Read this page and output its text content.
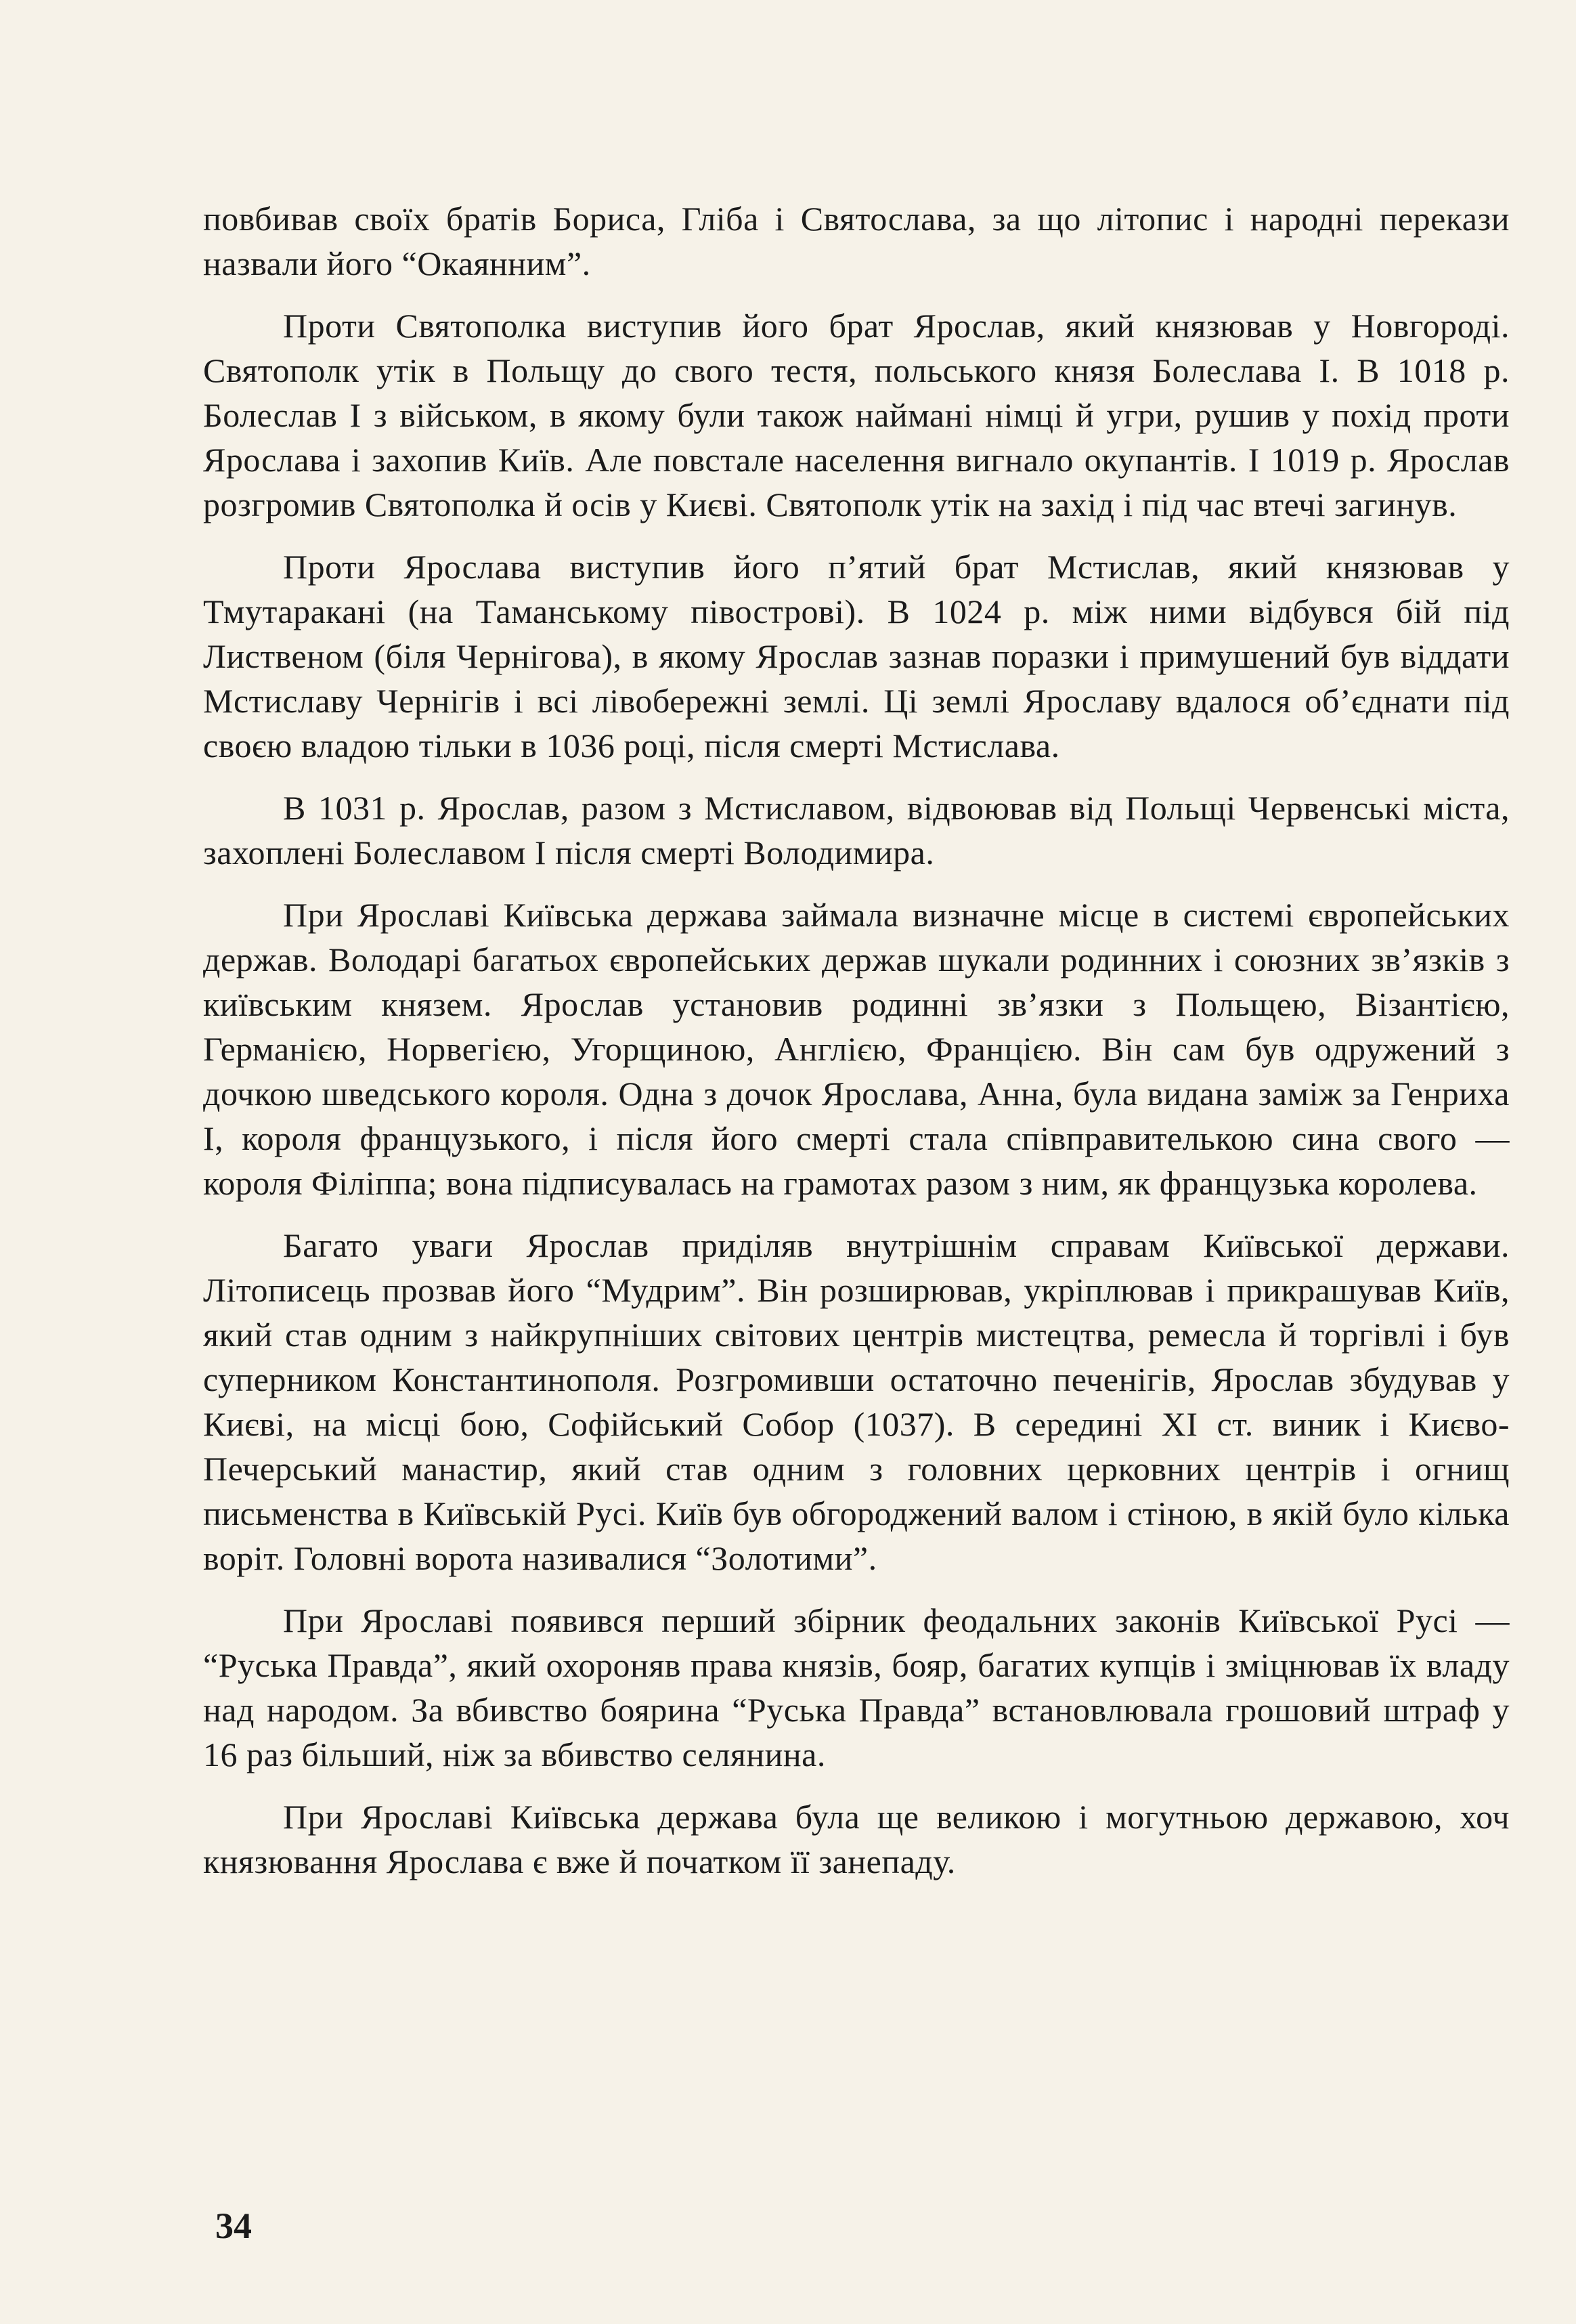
повбивав своїх братів Бориса, Гліба і Святослава, за що літопис і народні перекази назвали його “Окаянним”.

Проти Святополка виступив його брат Ярослав, який князював у Новгороді. Святополк утік в Польщу до свого тестя, польського князя Болеслава І. В 1018 р. Болеслав І з військом, в якому були також наймані німці й угри, рушив у похід проти Ярослава і захопив Київ. Але повстале населення вигнало окупантів. І 1019 р. Ярослав розгромив Святополка й осів у Києві. Святополк утік на захід і під час втечі загинув.

Проти Ярослава виступив його п’ятий брат Мстислав, який князював у Тмутаракані (на Таманському півострові). В 1024 р. між ними відбувся бій під Лиственом (біля Чернігова), в якому Ярослав зазнав поразки і примушений був віддати Мстиславу Чернігів і всі лівобережні землі. Ці землі Ярославу вдалося об’єднати під своєю владою тільки в 1036 році, після смерті Мстислава.

В 1031 р. Ярослав, разом з Мстиславом, відвоював від Польщі Червенські міста, захоплені Болеславом І після смерті Володимира.

При Ярославі Київська держава займала визначне місце в системі європейських держав. Володарі багатьох європейських держав шукали родинних і союзних зв’язків з київським князем. Ярослав установив родинні зв’язки з Польщею, Візантією, Германією, Норвегією, Угорщиною, Англією, Францією. Він сам був одружений з дочкою шведського короля. Одна з дочок Ярослава, Анна, була видана заміж за Генриха І, короля французького, і після його смерті стала співправителькою сина свого — короля Філіппа; вона підписувалась на грамотах разом з ним, як французька королева.

Багато уваги Ярослав приділяв внутрішнім справам Київської держави. Літописець прозвав його “Мудрим”. Він розширював, укріплював і прикрашував Київ, який став одним з найкрупніших світових центрів мистецтва, ремесла й торгівлі і був суперником Константинополя. Розгромивши остаточно печенігів, Ярослав збудував у Києві, на місці бою, Софійський Собор (1037). В середині XI ст. виник і Києво-Печерський манастир, який став одним з головних церковних центрів і огнищ письменства в Київській Русі. Київ був обгороджений валом і стіною, в якій було кілька воріт. Головні ворота називалися “Золотими”.

При Ярославі появився перший збірник феодальних законів Київської Русі — “Руська Правда”, який охороняв права князів, бояр, багатих купців і зміцнював їх владу над народом. За вбивство боярина “Руська Правда” встановлювала грошовий штраф у 16 раз більший, ніж за вбивство селянина.

При Ярославі Київська держава була ще великою і могутньою державою, хоч князювання Ярослава є вже й початком її занепаду.

34
